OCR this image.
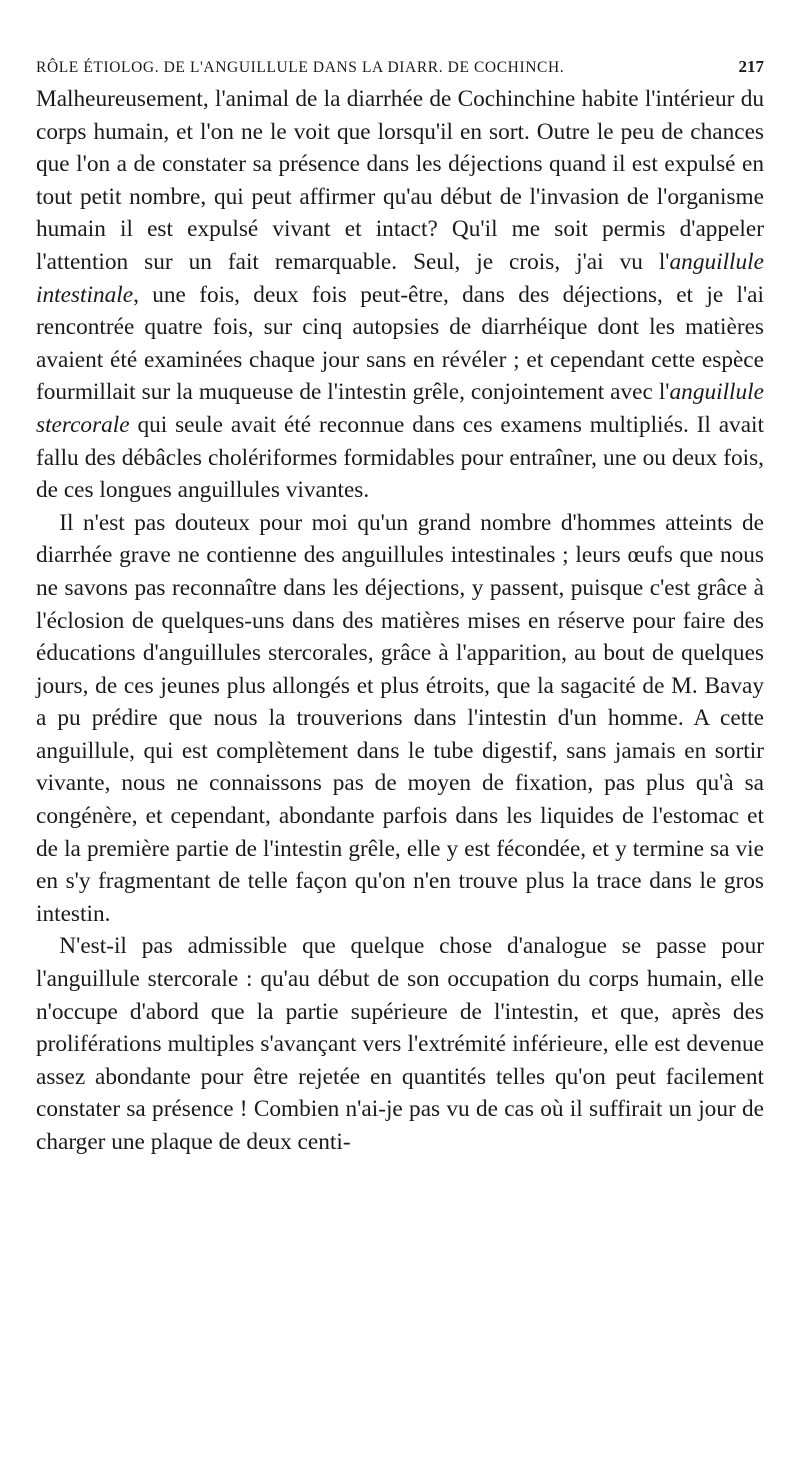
RÔLE ÉTIOLOG. DE L'ANGUILLULE DANS LA DIARR. DE COCHINCH.	217

Malheureusement, l'animal de la diarrhée de Cochinchine habite l'intérieur du corps humain, et l'on ne le voit que lorsqu'il en sort. Outre le peu de chances que l'on a de constater sa présence dans les déjections quand il est expulsé en tout petit nombre, qui peut affirmer qu'au début de l'invasion de l'organisme humain il est expulsé vivant et intact? Qu'il me soit permis d'appeler l'attention sur un fait remarquable. Seul, je crois, j'ai vu l'anguillule intestinale, une fois, deux fois peut-être, dans des déjections, et je l'ai rencontrée quatre fois, sur cinq autopsies de diarrhéique dont les matières avaient été examinées chaque jour sans en révéler ; et cependant cette espèce fourmillait sur la muqueuse de l'intestin grêle, conjointement avec l'anguillule stercorale qui seule avait été reconnue dans ces examens multipliés. Il avait fallu des débâcles cholériformes formidables pour entraîner, une ou deux fois, de ces longues anguillules vivantes.

Il n'est pas douteux pour moi qu'un grand nombre d'hommes atteints de diarrhée grave ne contienne des anguillules intestinales ; leurs œufs que nous ne savons pas reconnaître dans les déjections, y passent, puisque c'est grâce à l'éclosion de quelques-uns dans des matières mises en réserve pour faire des éducations d'anguillules stercorales, grâce à l'apparition, au bout de quelques jours, de ces jeunes plus allongés et plus étroits, que la sagacité de M. Bavay a pu prédire que nous la trouverions dans l'intestin d'un homme. A cette anguillule, qui est complètement dans le tube digestif, sans jamais en sortir vivante, nous ne connaissons pas de moyen de fixation, pas plus qu'à sa congénère, et cependant, abondante parfois dans les liquides de l'estomac et de la première partie de l'intestin grêle, elle y est fécondée, et y termine sa vie en s'y fragmentant de telle façon qu'on n'en trouve plus la trace dans le gros intestin.

N'est-il pas admissible que quelque chose d'analogue se passe pour l'anguillule stercorale : qu'au début de son occupation du corps humain, elle n'occupe d'abord que la partie supérieure de l'intestin, et que, après des proliférations multiples s'avançant vers l'extrémité inférieure, elle est devenue assez abondante pour être rejetée en quantités telles qu'on peut facilement constater sa présence ! Combien n'ai-je pas vu de cas où il suffirait un jour de charger une plaque de deux centi-
